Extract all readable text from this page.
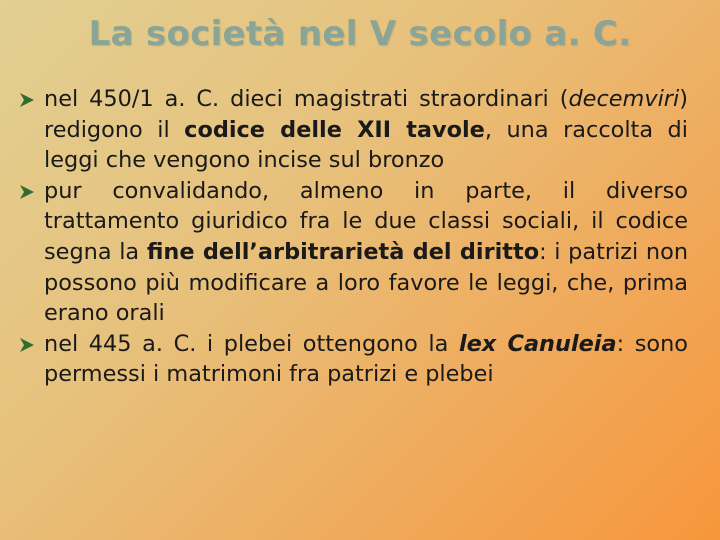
La società nel V secolo a. C.
nel 450/1 a. C. dieci magistrati straordinari (decemviri) redigono il codice delle XII tavole, una raccolta di leggi che vengono incise sul bronzo
pur convalidando, almeno in parte, il diverso trattamento giuridico fra le due classi sociali, il codice segna la fine dell’arbitrarietà del diritto: i patrizi non possono più modificare a loro favore le leggi, che, prima erano orali
nel 445 a. C. i plebei ottengono la lex Canuleia: sono permessi i matrimoni fra patrizi e plebei
